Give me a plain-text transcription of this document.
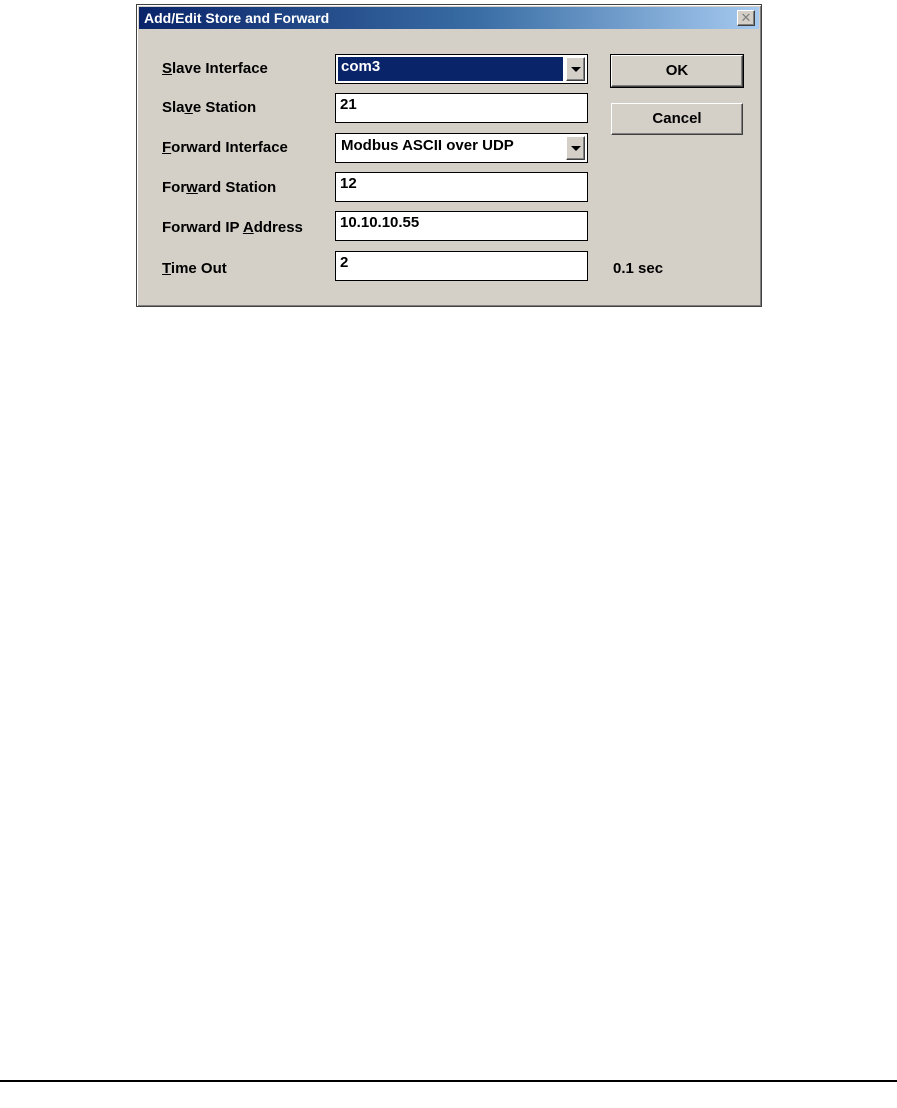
Add/Edit Store and Forward	✕
Slave Interface	com3
Slave Station	21
Forward Interface	Modbus ASCII over UDP
Forward Station	12
Forward IP Address	10.10.10.55
Time Out	2	0.1 sec
OK
Cancel
